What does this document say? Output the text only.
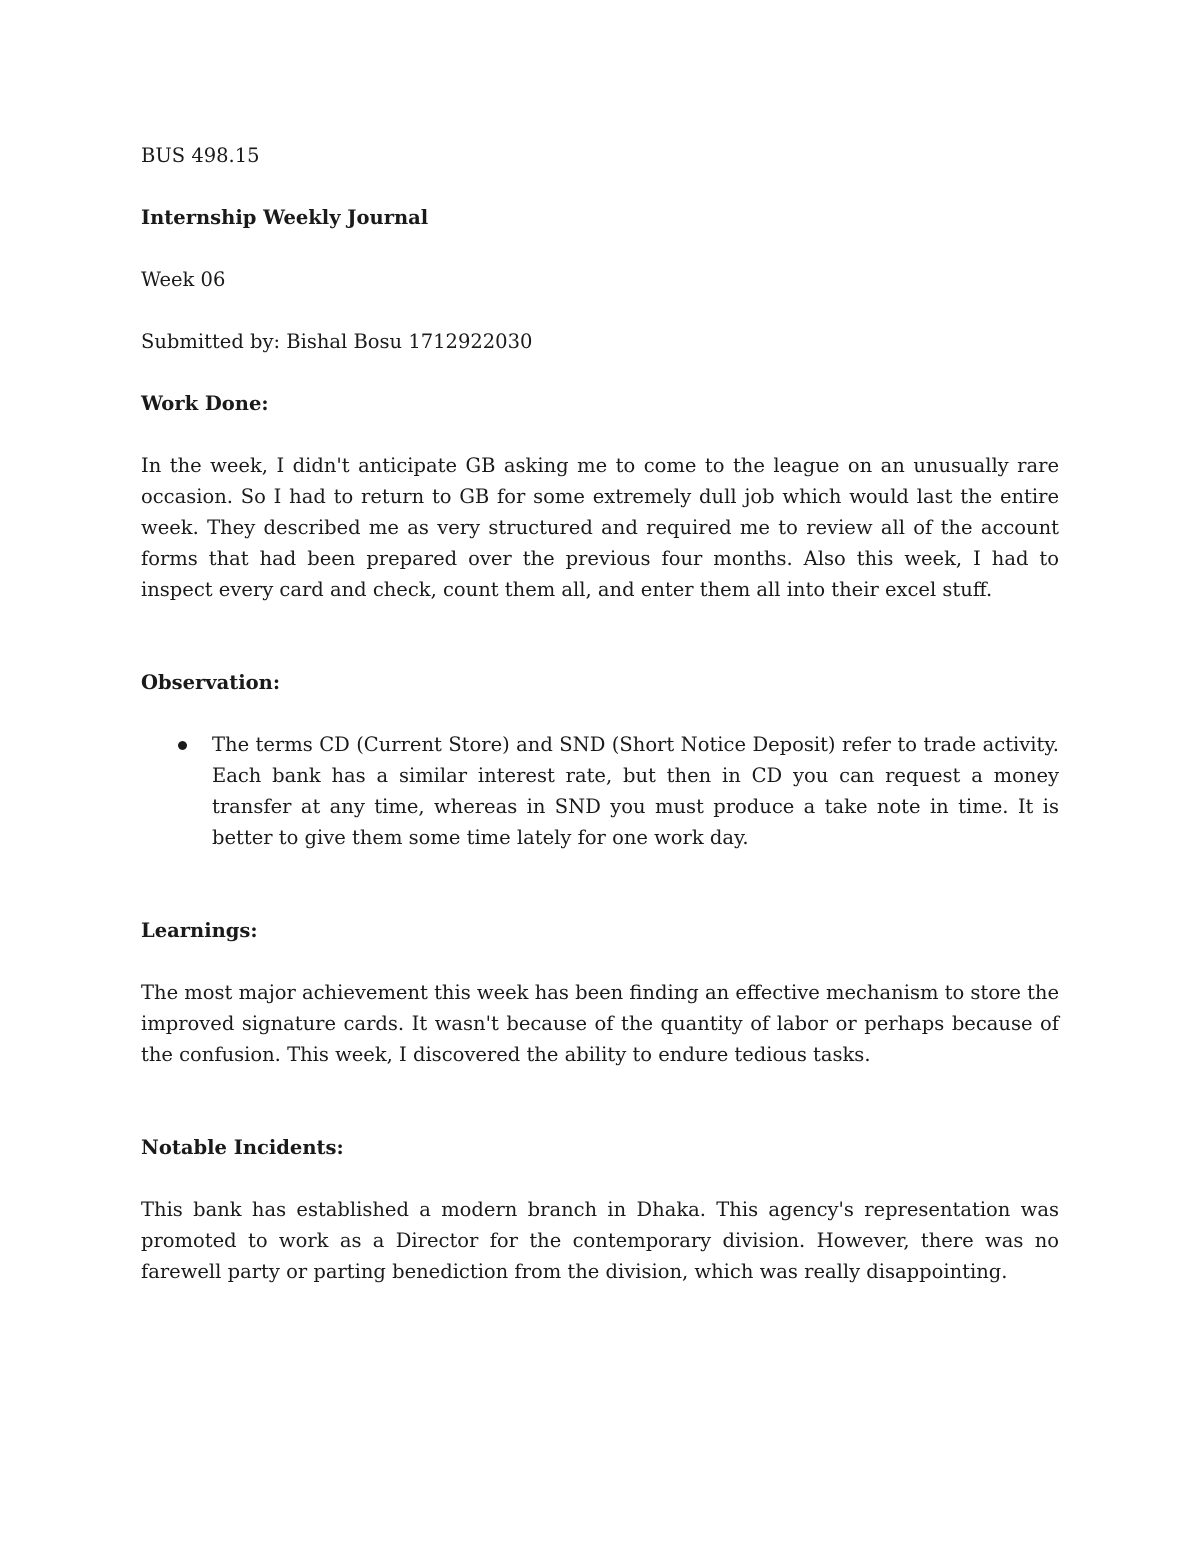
BUS 498.15

Internship Weekly Journal

Week 06

Submitted by: Bishal Bosu 1712922030

Work Done:

In the week, I didn't anticipate GB asking me to come to the league on an unusually rare occasion. So I had to return to GB for some extremely dull job which would last the entire week. They described me as very structured and required me to review all of the account forms that had been prepared over the previous four months. Also this week, I had to inspect every card and check, count them all, and enter them all into their excel stuff.

Observation:

The terms CD (Current Store) and SND (Short Notice Deposit) refer to trade activity. Each bank has a similar interest rate, but then in CD you can request a money transfer at any time, whereas in SND you must produce a take note in time. It is better to give them some time lately for one work day.

Learnings:

The most major achievement this week has been finding an effective mechanism to store the improved signature cards. It wasn't because of the quantity of labor or perhaps because of the confusion. This week, I discovered the ability to endure tedious tasks.

Notable Incidents:

This bank has established a modern branch in Dhaka. This agency's representation was promoted to work as a Director for the contemporary division. However, there was no farewell party or parting benediction from the division, which was really disappointing.
